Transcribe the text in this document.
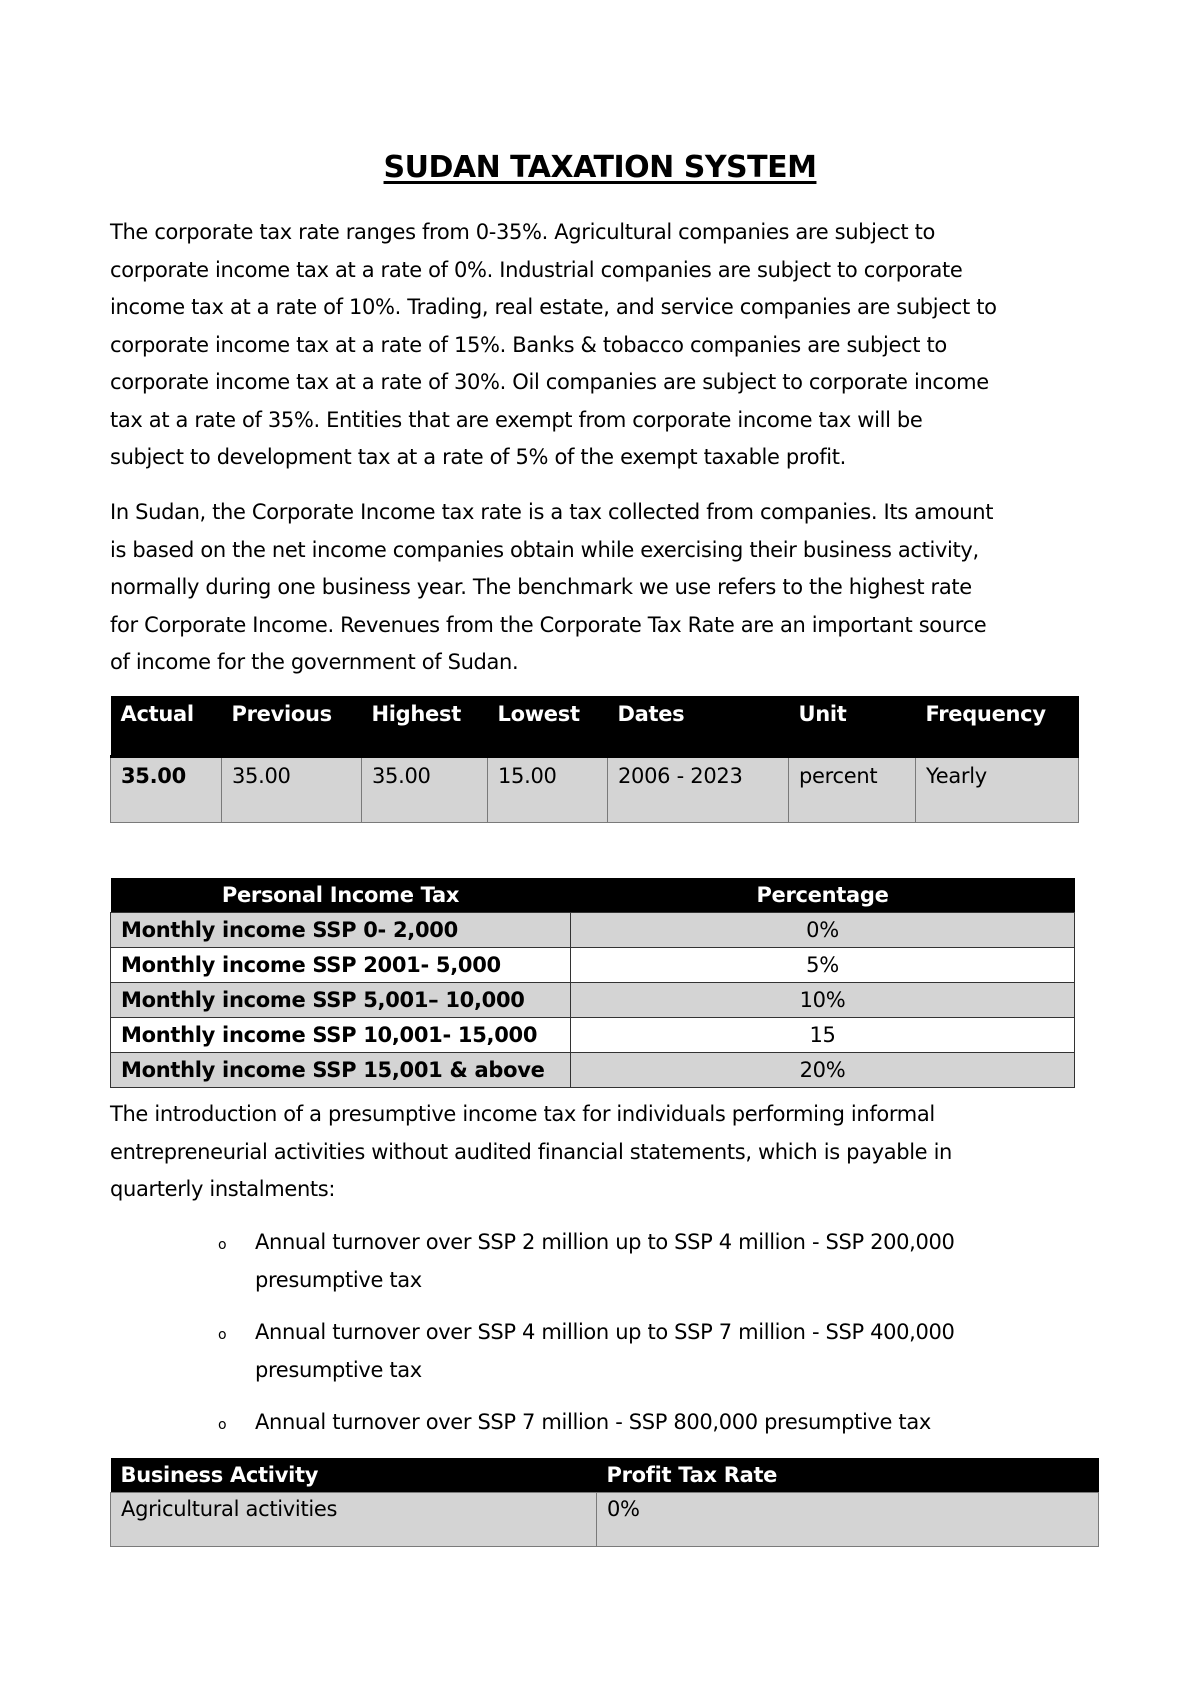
SUDAN TAXATION SYSTEM

The corporate tax rate ranges from 0-35%. Agricultural companies are subject to
corporate income tax at a rate of 0%. Industrial companies are subject to corporate
income tax at a rate of 10%. Trading, real estate, and service companies are subject to
corporate income tax at a rate of 15%. Banks & tobacco companies are subject to
corporate income tax at a rate of 30%. Oil companies are subject to corporate income
tax at a rate of 35%. Entities that are exempt from corporate income tax will be
subject to development tax at a rate of 5% of the exempt taxable profit.

In Sudan, the Corporate Income tax rate is a tax collected from companies. Its amount
is based on the net income companies obtain while exercising their business activity,
normally during one business year. The benchmark we use refers to the highest rate
for Corporate Income. Revenues from the Corporate Tax Rate are an important source
of income for the government of Sudan.

Actual	Previous	Highest	Lowest	Dates	Unit	Frequency
35.00	35.00	35.00	15.00	2006 - 2023	percent	Yearly
Personal Income Tax	Percentage
Monthly income SSP 0- 2,000	0%
Monthly income SSP 2001- 5,000	5%
Monthly income SSP 5,001– 10,000	10%
Monthly income SSP 10,001- 15,000	15
Monthly income SSP 15,001 & above	20%

The introduction of a presumptive income tax for individuals performing informal
entrepreneurial activities without audited financial statements, which is payable in
quarterly instalments:

o Annual turnover over SSP 2 million up to SSP 4 million - SSP 200,000
presumptive tax
o Annual turnover over SSP 4 million up to SSP 7 million - SSP 400,000
presumptive tax
o Annual turnover over SSP 7 million - SSP 800,000 presumptive tax
Business Activity	Profit Tax Rate
Agricultural activities	0%
